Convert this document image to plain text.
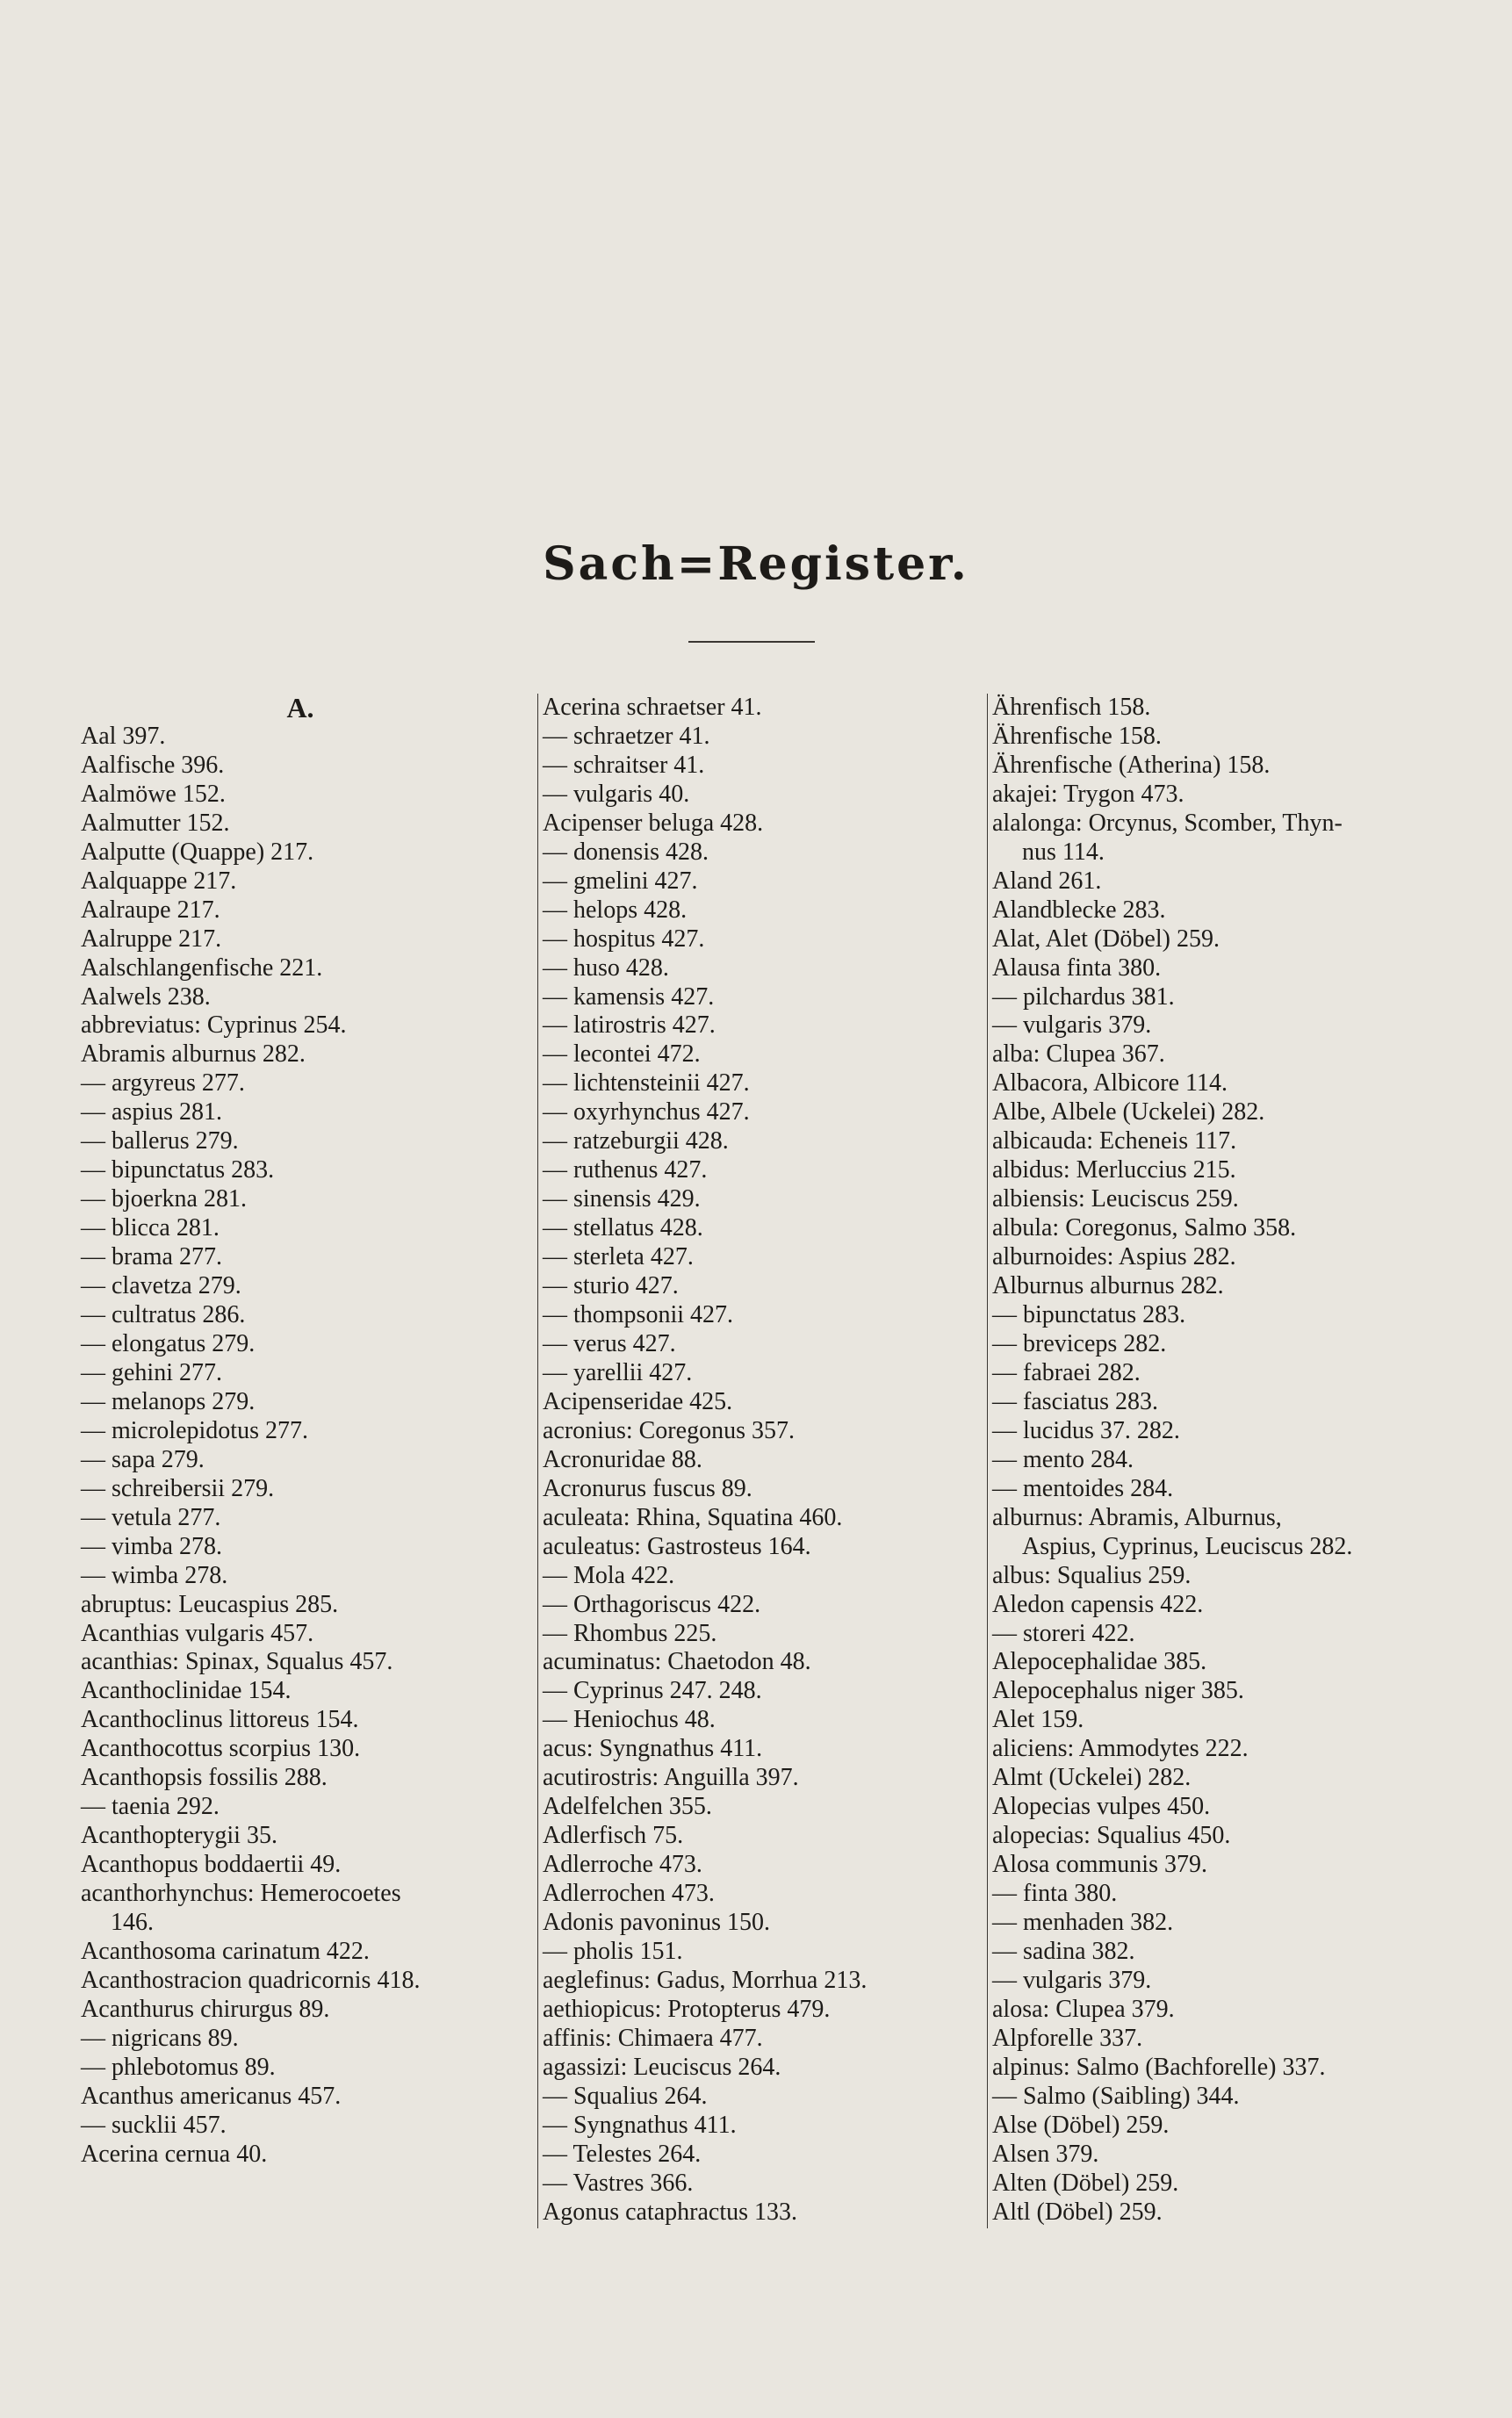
Sach=Register.
A.
Aal 397.
Aalfische 396.
Aalmöwe 152.
Aalmutter 152.
Aalputte (Quappe) 217.
Aalquappe 217.
Aalraupe 217.
Aalruppe 217.
Aalschlangenfische 221.
Aalwels 238.
abbreviatus: Cyprinus 254.
Abramis alburnus 282.
— argyreus 277.
— aspius 281.
— ballerus 279.
— bipunctatus 283.
— bjoerkna 281.
— blicca 281.
— brama 277.
— clavetza 279.
— cultratus 286.
— elongatus 279.
— gehini 277.
— melanops 279.
— microlepidotus 277.
— sapa 279.
— schreibersii 279.
— vetula 277.
— vimba 278.
— wimba 278.
abruptus: Leucaspius 285.
Acanthias vulgaris 457.
acanthias: Spinax, Squalus 457.
Acanthoclinidae 154.
Acanthoclinus littoreus 154.
Acanthocottus scorpius 130.
Acanthopsis fossilis 288.
— taenia 292.
Acanthopterygii 35.
Acanthopus boddaertii 49.
acanthorhynchus: Hemerocoetes
146.
Acanthosoma carinatum 422.
Acanthostracion quadricornis 418.
Acanthurus chirurgus 89.
— nigricans 89.
— phlebotomus 89.
Acanthus americanus 457.
— sucklii 457.
Acerina cernua 40.
Acerina schraetser 41.
— schraetzer 41.
— schraitser 41.
— vulgaris 40.
Acipenser beluga 428.
— donensis 428.
— gmelini 427.
— helops 428.
— hospitus 427.
— huso 428.
— kamensis 427.
— latirostris 427.
— lecontei 472.
— lichtensteinii 427.
— oxyrhynchus 427.
— ratzeburgii 428.
— ruthenus 427.
— sinensis 429.
— stellatus 428.
— sterleta 427.
— sturio 427.
— thompsonii 427.
— verus 427.
— yarellii 427.
Acipenseridae 425.
acronius: Coregonus 357.
Acronuridae 88.
Acronurus fuscus 89.
aculeata: Rhina, Squatina 460.
aculeatus: Gastrosteus 164.
— Mola 422.
— Orthagoriscus 422.
— Rhombus 225.
acuminatus: Chaetodon 48.
— Cyprinus 247. 248.
— Heniochus 48.
acus: Syngnathus 411.
acutirostris: Anguilla 397.
Adelfelchen 355.
Adlerfisch 75.
Adlerroche 473.
Adlerrochen 473.
Adonis pavoninus 150.
— pholis 151.
aeglefinus: Gadus, Morrhua 213.
aethiopicus: Protopterus 479.
affinis: Chimaera 477.
agassizi: Leuciscus 264.
— Squalius 264.
— Syngnathus 411.
— Telestes 264.
— Vastres 366.
Agonus cataphractus 133.
Ährenfisch 158.
Ährenfische 158.
Ährenfische (Atherina) 158.
akajei: Trygon 473.
alalonga: Orcynus, Scomber, Thyn-
nus 114.
Aland 261.
Alandblecke 283.
Alat, Alet (Döbel) 259.
Alausa finta 380.
— pilchardus 381.
— vulgaris 379.
alba: Clupea 367.
Albacora, Albicore 114.
Albe, Albele (Uckelei) 282.
albicauda: Echeneis 117.
albidus: Merluccius 215.
albiensis: Leuciscus 259.
albula: Coregonus, Salmo 358.
alburnoides: Aspius 282.
Alburnus alburnus 282.
— bipunctatus 283.
— breviceps 282.
— fabraei 282.
— fasciatus 283.
— lucidus 37. 282.
— mento 284.
— mentoides 284.
alburnus: Abramis, Alburnus,
Aspius, Cyprinus, Leuciscus 282.
albus: Squalius 259.
Aledon capensis 422.
— storeri 422.
Alepocephalidae 385.
Alepocephalus niger 385.
Alet 159.
aliciens: Ammodytes 222.
Almt (Uckelei) 282.
Alopecias vulpes 450.
alopecias: Squalius 450.
Alosa communis 379.
— finta 380.
— menhaden 382.
— sadina 382.
— vulgaris 379.
alosa: Clupea 379.
Alpforelle 337.
alpinus: Salmo (Bachforelle) 337.
— Salmo (Saibling) 344.
Alse (Döbel) 259.
Alsen 379.
Alten (Döbel) 259.
Altl (Döbel) 259.
